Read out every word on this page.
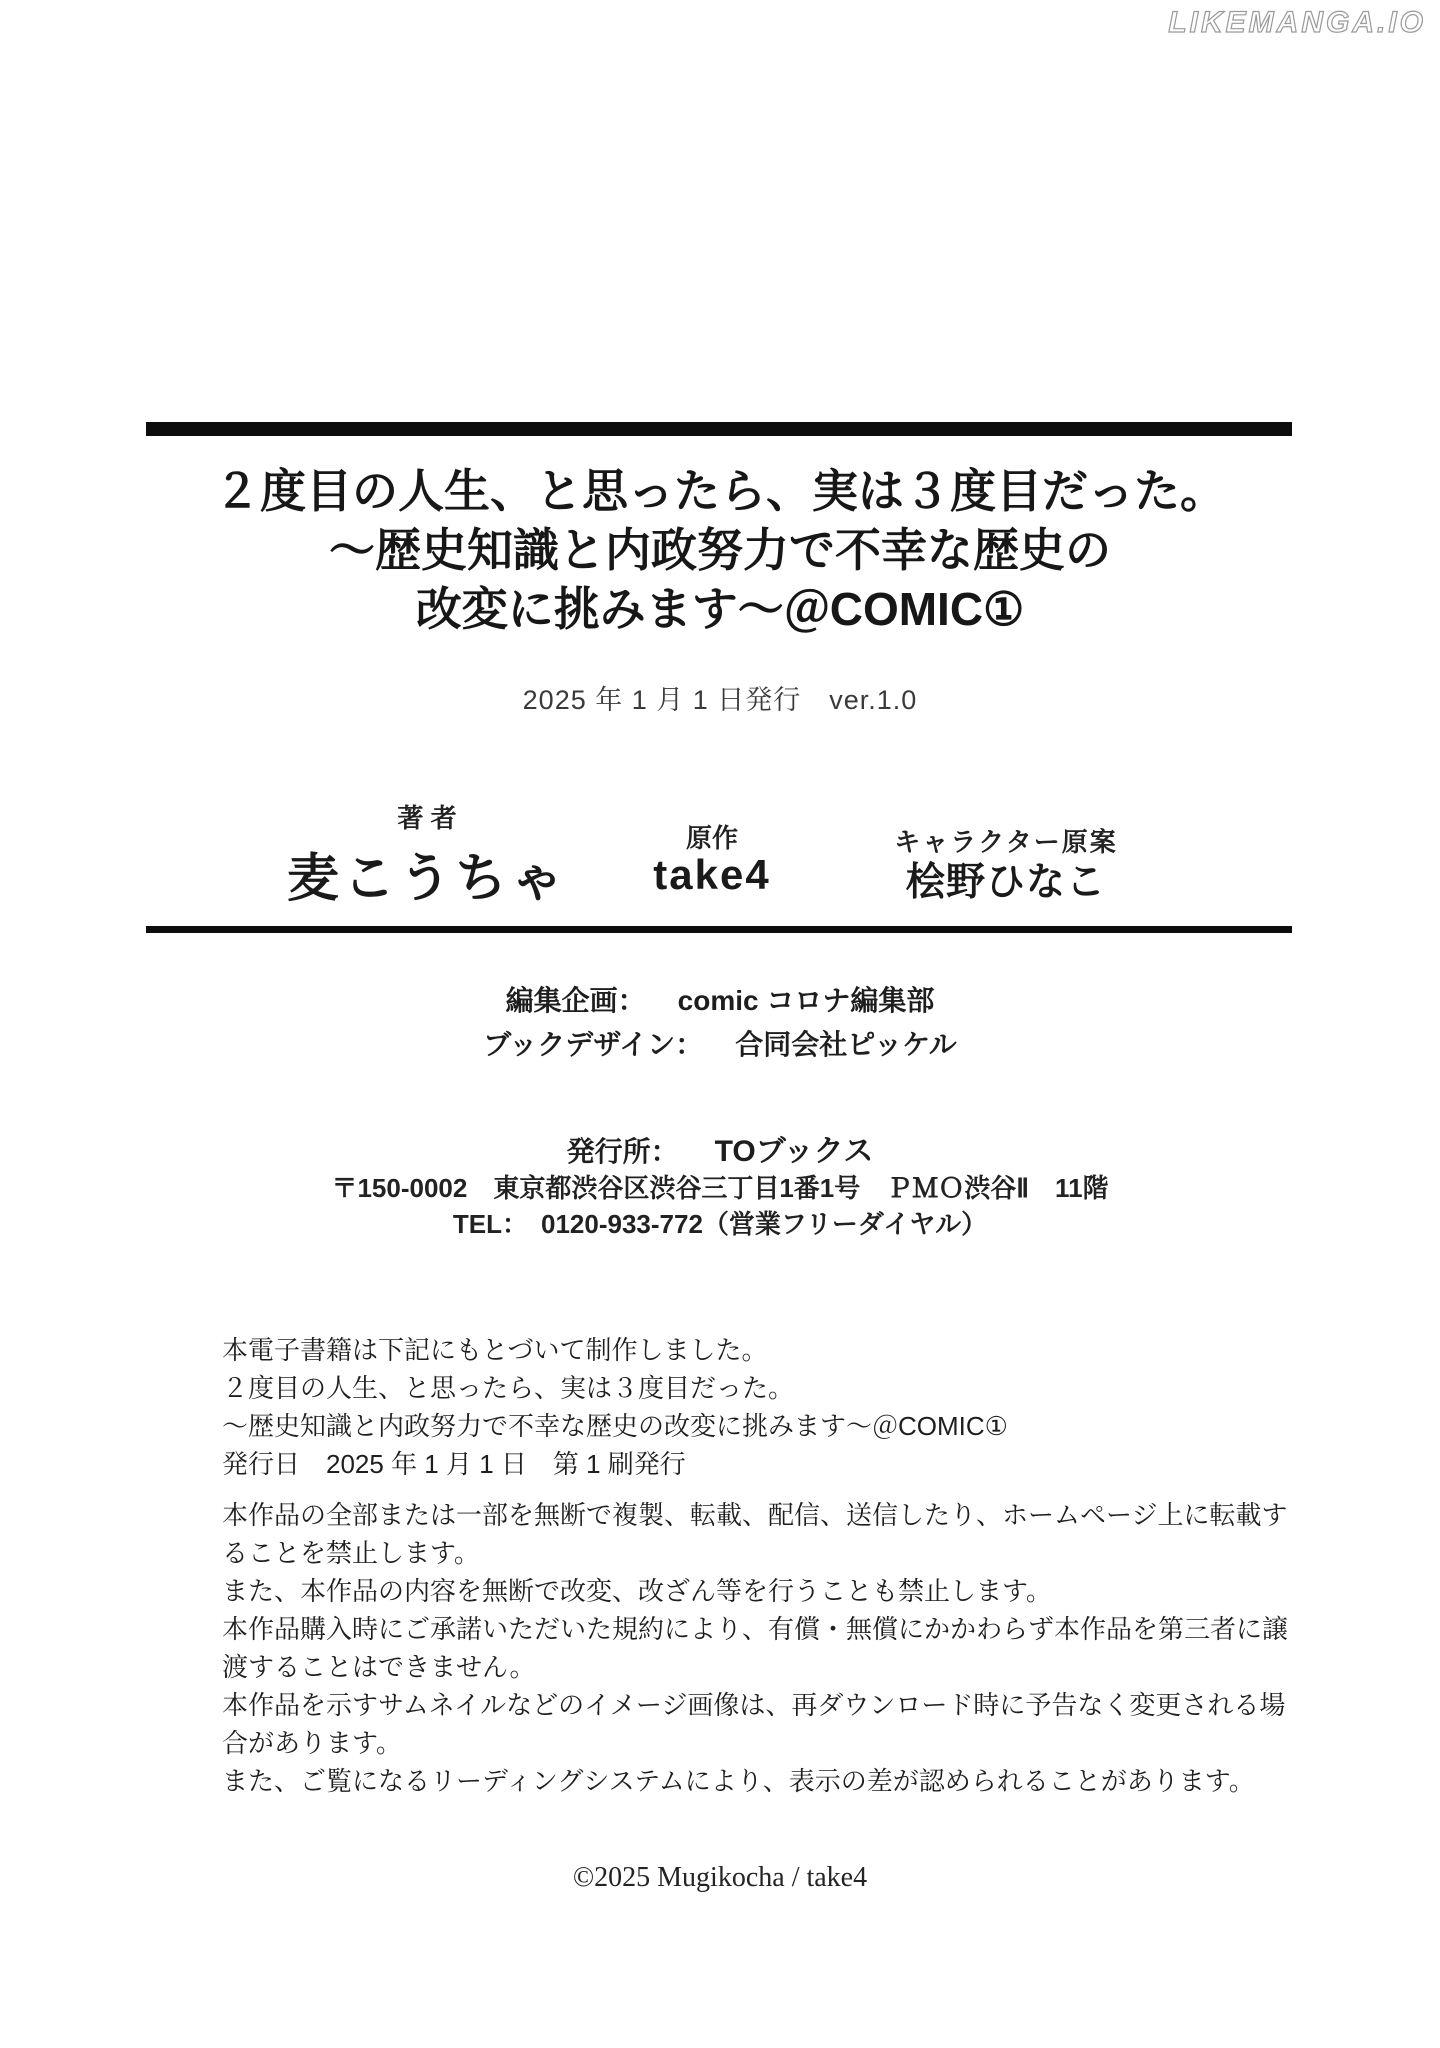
LIKEMANGA.IO
２度目の人生、と思ったら、実は３度目だった。
～歴史知識と内政努力で不幸な歴史の
改変に挑みます～＠COMIC①
2025 年 1 月 1 日発行　ver.1.0
著 者
麦こうちゃ
原作
take4
キャラクター原案
桧野ひなこ
編集企画： comic コロナ編集部
ブックデザイン： 合同会社ピッケル
発行所： TOブックス
〒150-0002　東京都渋谷区渋谷三丁目1番1号　ＰＭＯ渋谷Ⅱ　11階
TEL：　0120-933-772（営業フリーダイヤル）
本電子書籍は下記にもとづいて制作しました。
２度目の人生、と思ったら、実は３度目だった。
～歴史知識と内政努力で不幸な歴史の改変に挑みます～＠COMIC①
発行日　2025 年 1 月 1 日　第 1 刷発行
本作品の全部または一部を無断で複製、転載、配信、送信したり、ホームページ上に転載す
ることを禁止します。
また、本作品の内容を無断で改変、改ざん等を行うことも禁止します。
本作品購入時にご承諾いただいた規約により、有償・無償にかかわらず本作品を第三者に譲
渡することはできません。
本作品を示すサムネイルなどのイメージ画像は、再ダウンロード時に予告なく変更される場
合があります。
また、ご覧になるリーディングシステムにより、表示の差が認められることがあります。
©2025 Mugikocha / take4
